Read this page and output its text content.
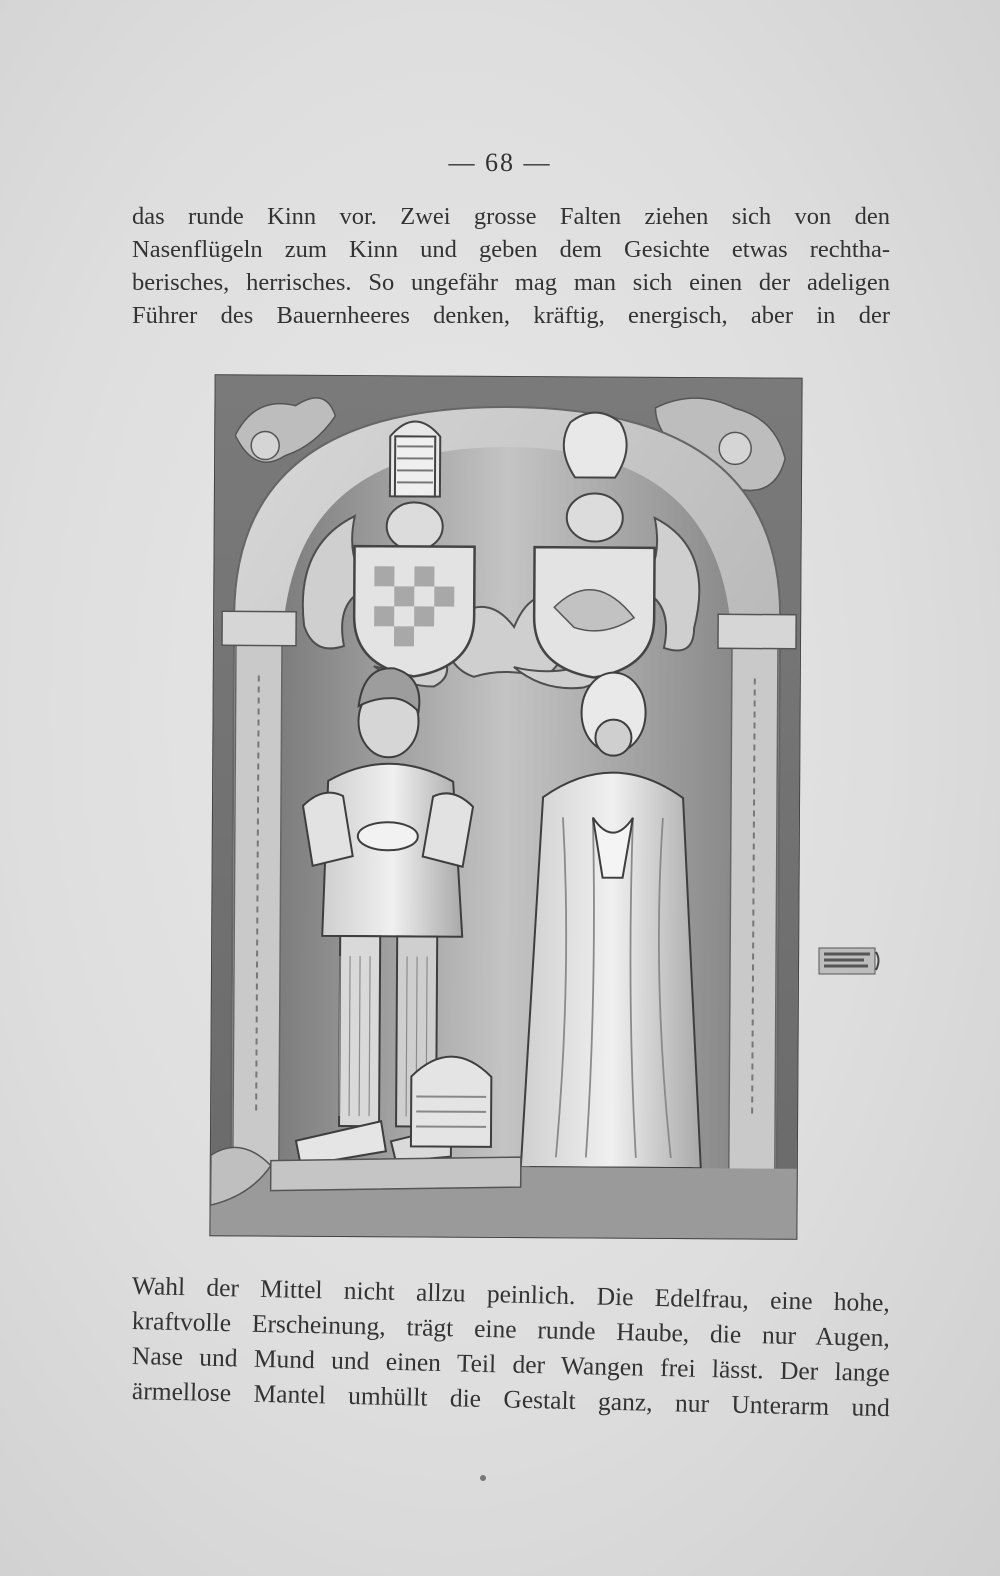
— 68 —
das runde Kinn vor. Zwei grosse Falten ziehen sich von den
Nasenflügeln zum Kinn und geben dem Gesichte etwas rechtha-
berisches, herrisches. So ungefähr mag man sich einen der adeligen
Führer des Bauernheeres denken, kräftig, energisch, aber in der
Wahl der Mittel nicht allzu peinlich. Die Edelfrau, eine hohe,
kraftvolle Erscheinung, trägt eine runde Haube, die nur Augen,
Nase und Mund und einen Teil der Wangen frei lässt. Der lange
ärmellose Mantel umhüllt die Gestalt ganz, nur Unterarm und
